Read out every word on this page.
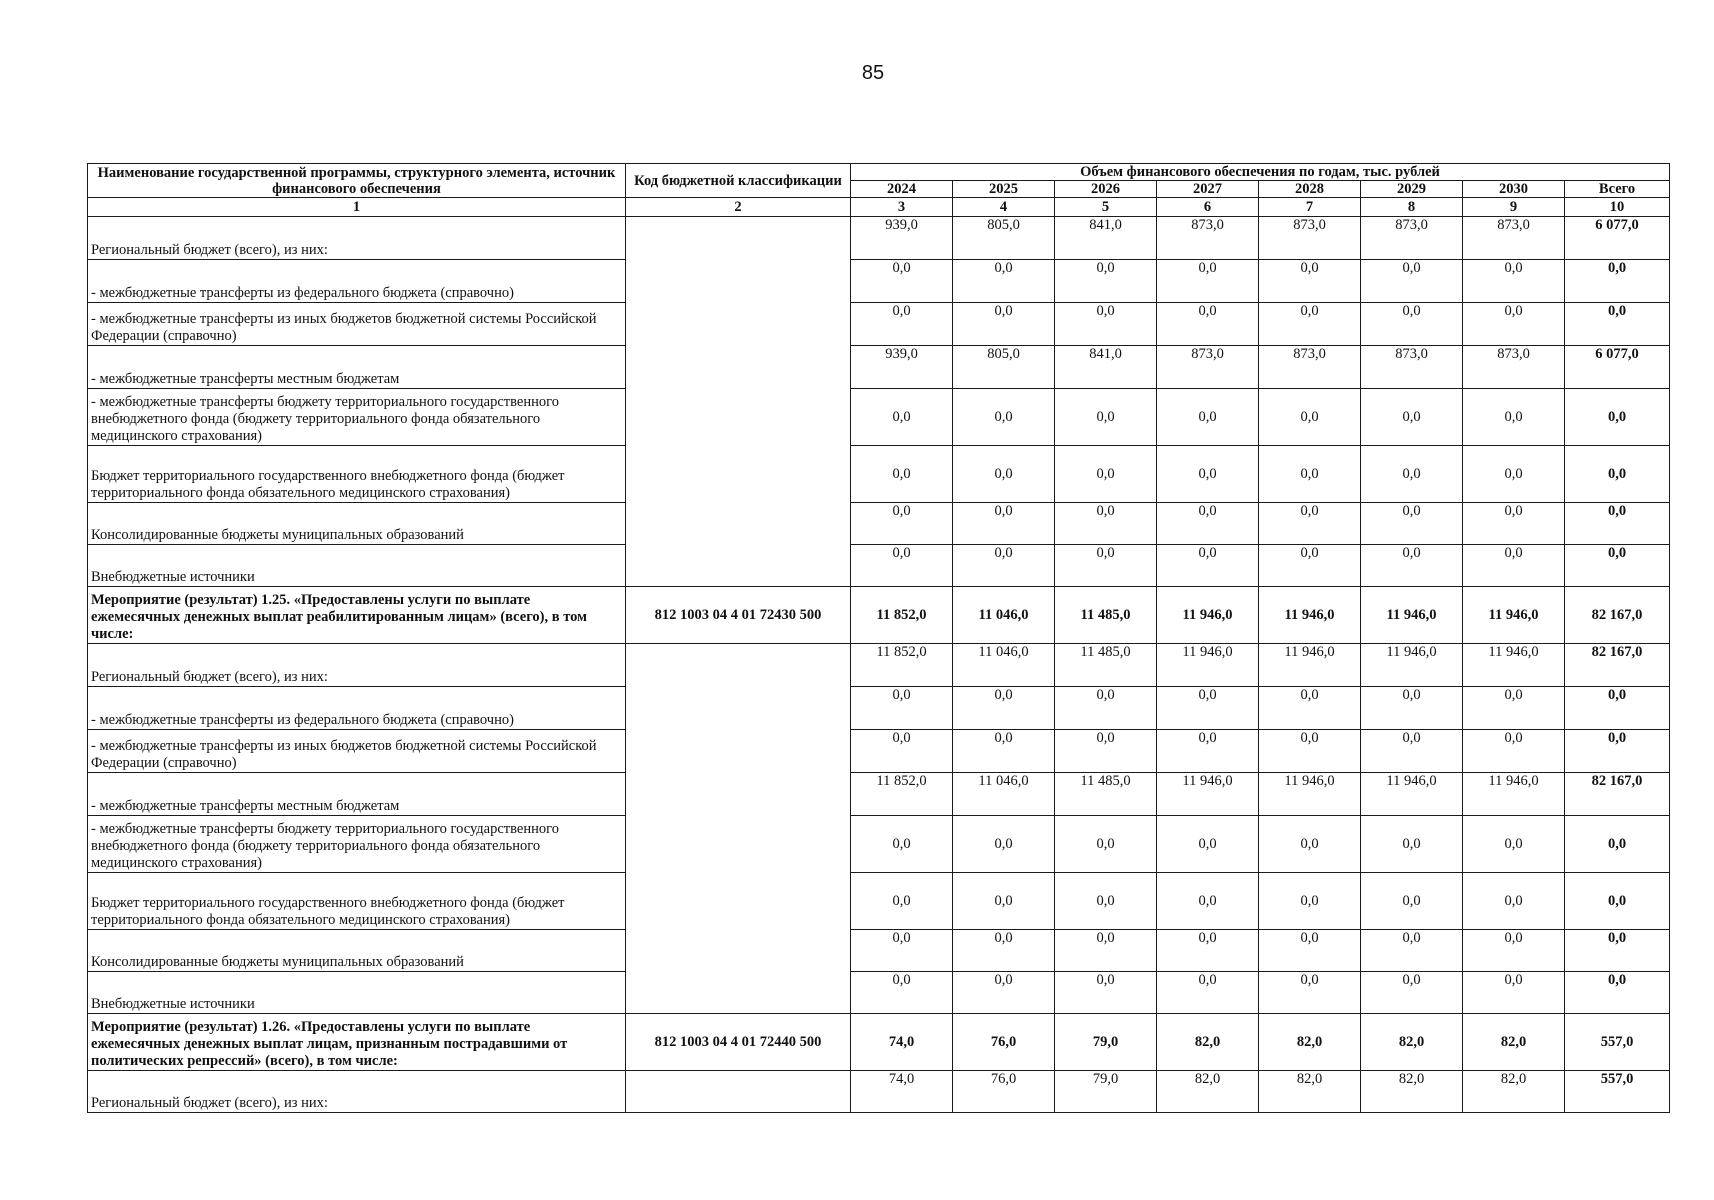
85
Наименование государственной программы, структурного элемента, источник финансового обеспечения	Код бюджетной классификации	Объем финансового обеспечения по годам, тыс. рублей							
		2024	2025	2026	2027	2028	2029	2030	Всего
1	2	3	4	5	6	7	8	9	10
Региональный бюджет (всего), из них:		939,0	805,0	841,0	873,0	873,0	873,0	873,0	6 077,0
- межбюджетные трансферты из федерального бюджета (справочно)		0,0	0,0	0,0	0,0	0,0	0,0	0,0	0,0
- межбюджетные трансферты из иных бюджетов бюджетной системы Российской Федерации (справочно)		0,0	0,0	0,0	0,0	0,0	0,0	0,0	0,0
- межбюджетные трансферты местным бюджетам		939,0	805,0	841,0	873,0	873,0	873,0	873,0	6 077,0
- межбюджетные трансферты бюджету территориального государственного внебюджетного фонда (бюджету территориального фонда обязательного медицинского страхования)		0,0	0,0	0,0	0,0	0,0	0,0	0,0	0,0
Бюджет территориального государственного внебюджетного фонда (бюджет территориального фонда обязательного медицинского страхования)		0,0	0,0	0,0	0,0	0,0	0,0	0,0	0,0
Консолидированные бюджеты муниципальных образований		0,0	0,0	0,0	0,0	0,0	0,0	0,0	0,0
Внебюджетные источники		0,0	0,0	0,0	0,0	0,0	0,0	0,0	0,0
Мероприятие (результат) 1.25. «Предоставлены услуги по выплате ежемесячных денежных выплат реабилитированным лицам» (всего), в том числе:	812 1003 04 4 01 72430 500	11 852,0	11 046,0	11 485,0	11 946,0	11 946,0	11 946,0	11 946,0	82 167,0
Региональный бюджет (всего), из них:		11 852,0	11 046,0	11 485,0	11 946,0	11 946,0	11 946,0	11 946,0	82 167,0
- межбюджетные трансферты из федерального бюджета (справочно)		0,0	0,0	0,0	0,0	0,0	0,0	0,0	0,0
- межбюджетные трансферты из иных бюджетов бюджетной системы Российской Федерации (справочно)		0,0	0,0	0,0	0,0	0,0	0,0	0,0	0,0
- межбюджетные трансферты местным бюджетам		11 852,0	11 046,0	11 485,0	11 946,0	11 946,0	11 946,0	11 946,0	82 167,0
- межбюджетные трансферты бюджету территориального государственного внебюджетного фонда (бюджету территориального фонда обязательного медицинского страхования)		0,0	0,0	0,0	0,0	0,0	0,0	0,0	0,0
Бюджет территориального государственного внебюджетного фонда (бюджет территориального фонда обязательного медицинского страхования)		0,0	0,0	0,0	0,0	0,0	0,0	0,0	0,0
Консолидированные бюджеты муниципальных образований		0,0	0,0	0,0	0,0	0,0	0,0	0,0	0,0
Внебюджетные источники		0,0	0,0	0,0	0,0	0,0	0,0	0,0	0,0
Мероприятие (результат) 1.26. «Предоставлены услуги по выплате ежемесячных денежных выплат лицам, признанным пострадавшими от политических репрессий» (всего), в том числе:	812 1003 04 4 01 72440 500	74,0	76,0	79,0	82,0	82,0	82,0	82,0	557,0
Региональный бюджет (всего), из них:		74,0	76,0	79,0	82,0	82,0	82,0	82,0	557,0
